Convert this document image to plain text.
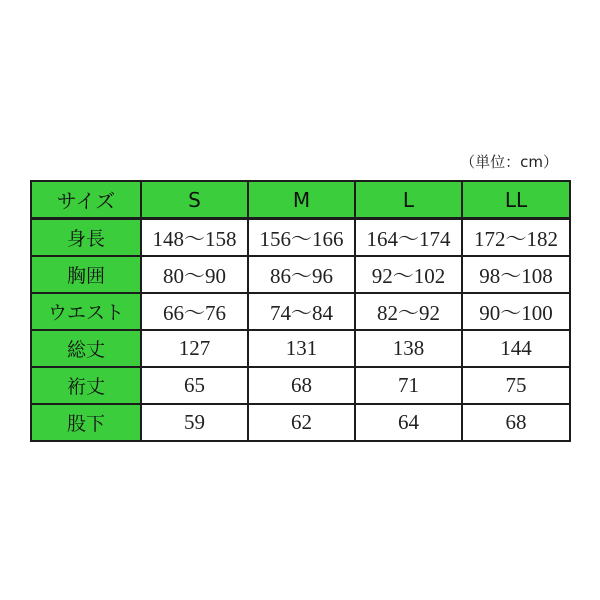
（単位：cm）
サイズ	S	M	L	LL
身長	148～158	156～166	164～174	172～182
胸囲	80～90	86～96	92～102	98～108
ウエスト	66～76	74～84	82～92	90～100
総丈	127	131	138	144
裄丈	65	68	71	75
股下	59	62	64	68
